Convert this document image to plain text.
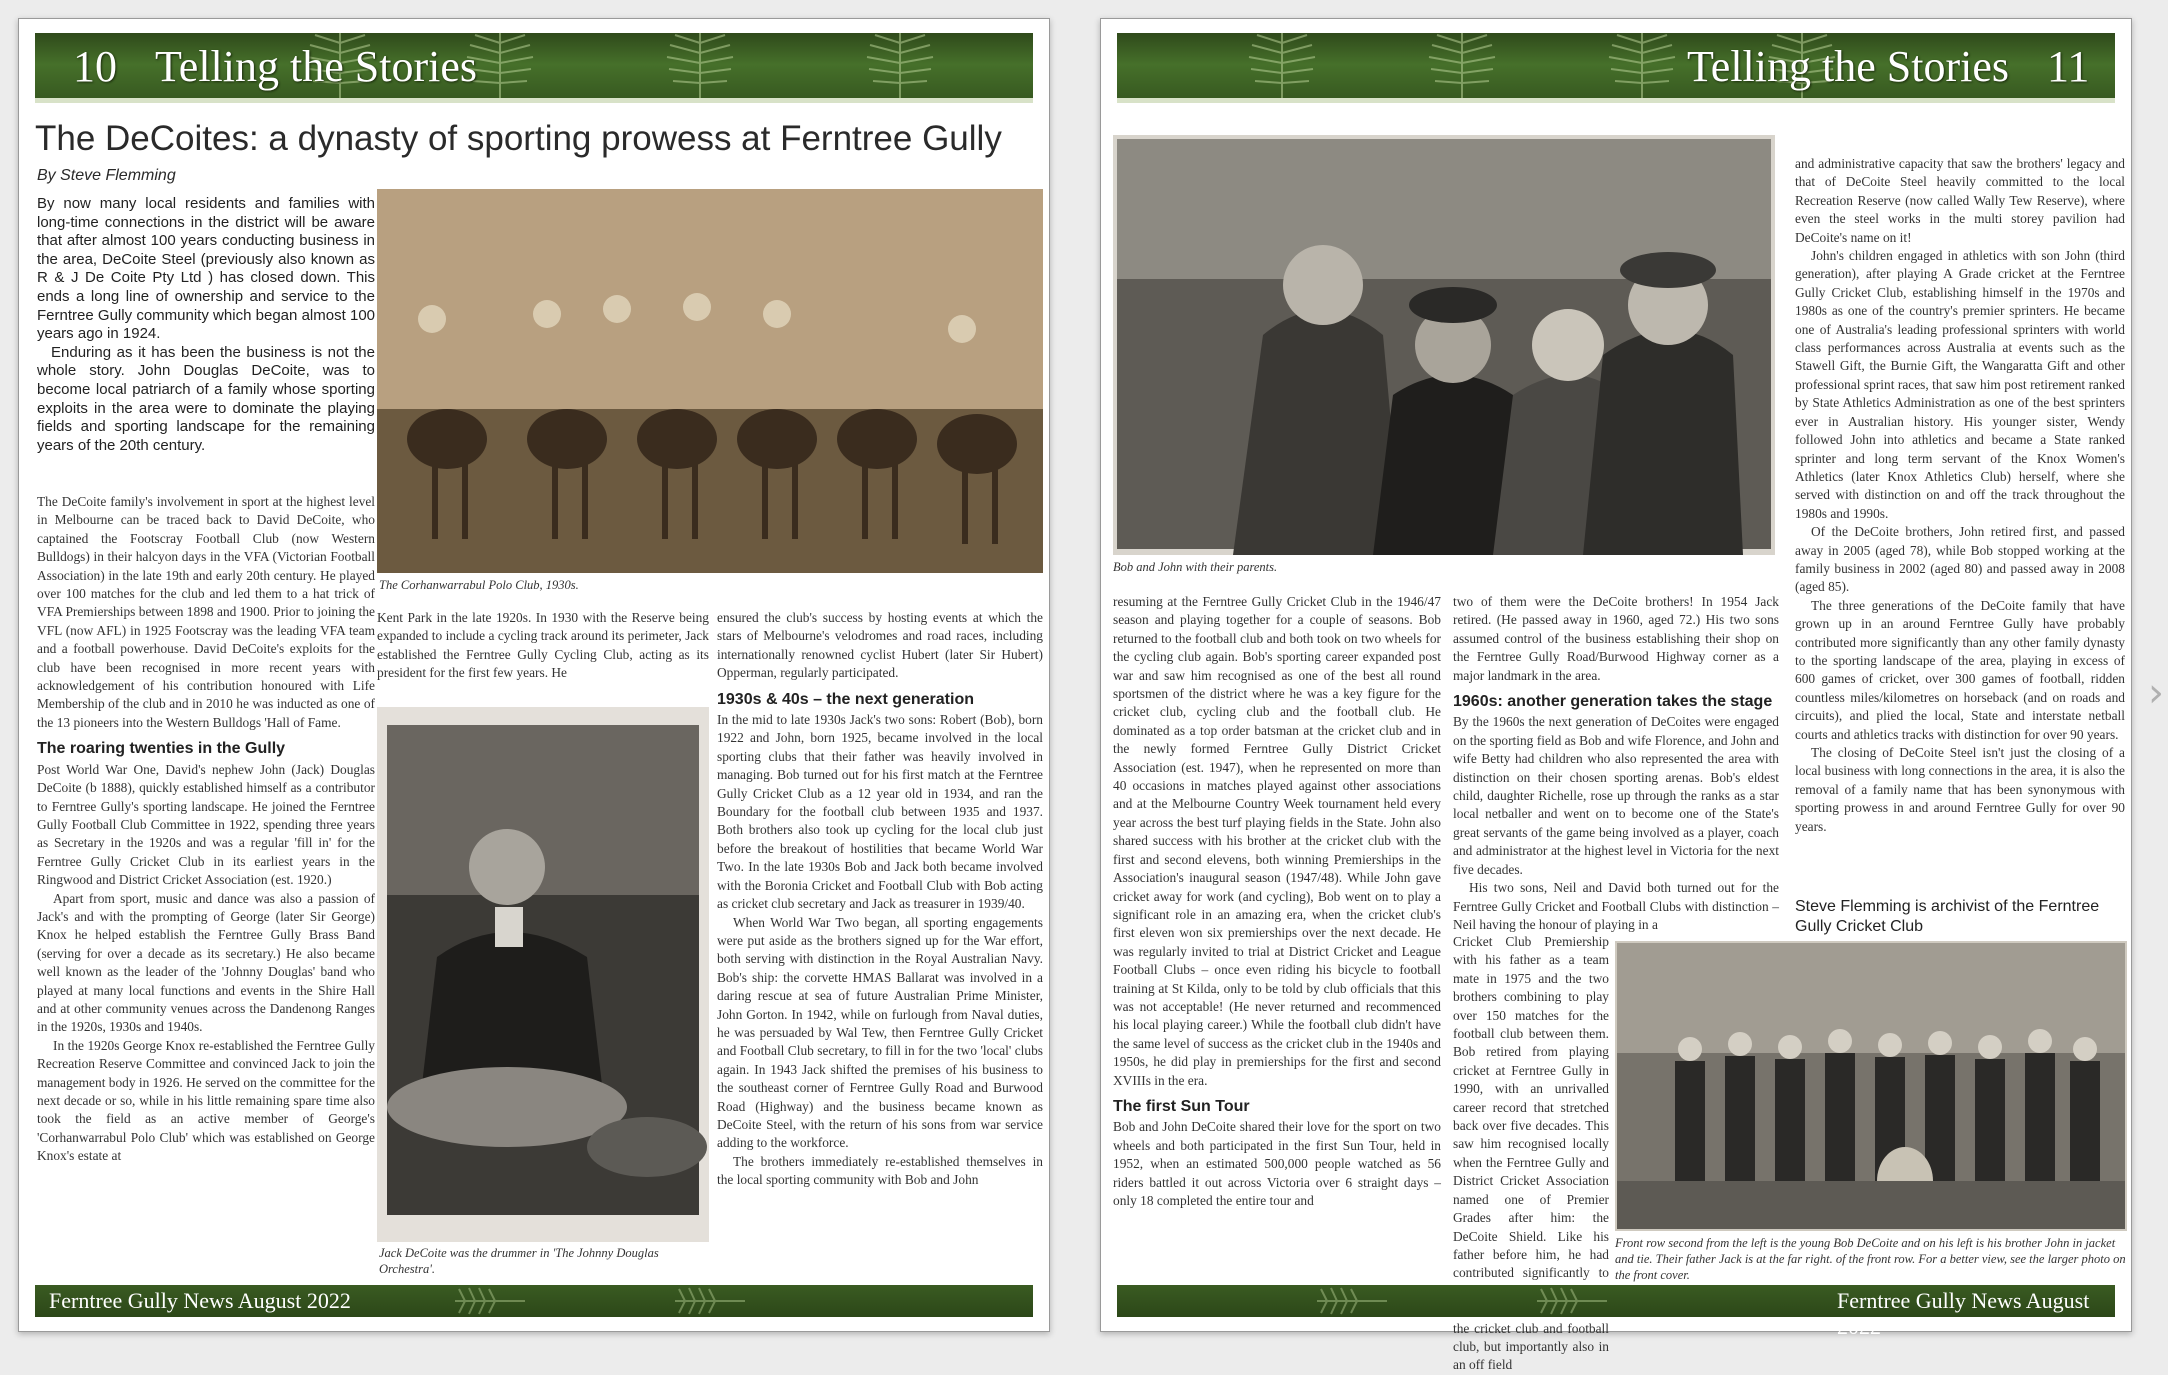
10 Telling the Stories
The DeCoites: a dynasty of sporting prowess at Ferntree Gully
By Steve Flemming

By now many local residents and families with long-time connections in the district will be aware that after almost 100 years conducting business in the area, DeCoite Steel (previously also known as R & J De Coite Pty Ltd ) has closed down. This ends a long line of ownership and service to the Ferntree Gully community which began almost 100 years ago in 1924.

Enduring as it has been the business is not the whole story. John Douglas DeCoite, was to become local patriarch of a family whose sporting exploits in the area were to dominate the playing fields and sporting landscape for the remaining years of the 20th century.

The Corhanwarrabul Polo Club, 1930s.

The DeCoite family's involvement in sport at the highest level in Melbourne can be traced back to David DeCoite, who captained the Footscray Football Club (now Western Bulldogs) in their halcyon days in the VFA (Victorian Football Association) in the late 19th and early 20th century. He played over 100 matches for the club and led them to a hat trick of VFA Premierships between 1898 and 1900. Prior to joining the VFL (now AFL) in 1925 Footscray was the leading VFA team and a football powerhouse. David DeCoite's exploits for the club have been recognised in more recent years with acknowledgement of his contribution honoured with Life Membership of the club and in 2010 he was inducted as one of the 13 pioneers into the Western Bulldogs 'Hall of Fame.

The roaring twenties in the Gully

Post World War One, David's nephew John (Jack) Douglas DeCoite (b 1888), quickly established himself as a contributor to Ferntree Gully's sporting landscape. He joined the Ferntree Gully Football Club Committee in 1922, spending three years as Secretary in the 1920s and was a regular 'fill in' for the Ferntree Gully Cricket Club in its earliest years in the Ringwood and District Cricket Association (est. 1920.)

Apart from sport, music and dance was also a passion of Jack's and with the prompting of George (later Sir George) Knox he helped establish the Ferntree Gully Brass Band (serving for over a decade as its secretary.) He also became well known as the leader of the 'Johnny Douglas' band who played at many local functions and events in the Shire Hall and at other community venues across the Dandenong Ranges in the 1920s, 1930s and 1940s.

In the 1920s George Knox re-established the Ferntree Gully Recreation Reserve Committee and convinced Jack to join the management body in 1926. He served on the committee for the next decade or so, while in his little remaining spare time also took the field as an active member of George's 'Corhanwarrabul Polo Club' which was established on George Knox's estate at

Kent Park in the late 1920s. In 1930 with the Reserve being expanded to include a cycling track around its perimeter, Jack established the Ferntree Gully Cycling Club, acting as its president for the first few years. He

Jack DeCoite was the drummer in 'The Johnny Douglas Orchestra'.

ensured the club's success by hosting events at which the stars of Melbourne's velodromes and road races, including internationally renowned cyclist Hubert (later Sir Hubert) Opperman, regularly participated.

1930s & 40s – the next generation

In the mid to late 1930s Jack's two sons: Robert (Bob), born 1922 and John, born 1925, became involved in the local sporting clubs that their father was heavily involved in managing. Bob turned out for his first match at the Ferntree Gully Cricket Club as a 12 year old in 1934, and ran the Boundary for the football club between 1935 and 1937. Both brothers also took up cycling for the local club just before the breakout of hostilities that became World War Two. In the late 1930s Bob and Jack both became involved with the Boronia Cricket and Football Club with Bob acting as cricket club secretary and Jack as treasurer in 1939/40.

When World War Two began, all sporting engagements were put aside as the brothers signed up for the War effort, both serving with distinction in the Royal Australian Navy. Bob's ship: the corvette HMAS Ballarat was involved in a daring rescue at sea of future Australian Prime Minister, John Gorton. In 1942, while on furlough from Naval duties, he was persuaded by Wal Tew, then Ferntree Gully Cricket and Football Club secretary, to fill in for the two 'local' clubs again. In 1943 Jack shifted the premises of his business to the southeast corner of Ferntree Gully Road and Burwood Road (Highway) and the business became known as DeCoite Steel, with the return of his sons from war service adding to the workforce.

The brothers immediately re-established themselves in the local sporting community with Bob and John

Ferntree Gully News August 2022
Telling the Stories 11
Bob and John with their parents.

resuming at the Ferntree Gully Cricket Club in the 1946/47 season and playing together for a couple of seasons. Bob returned to the football club and both took on two wheels for the cycling club again. Bob's sporting career expanded post war and saw him recognised as one of the best all round sportsmen of the district where he was a key figure for the cricket club, cycling club and the football club. He dominated as a top order batsman at the cricket club and in the newly formed Ferntree Gully District Cricket Association (est. 1947), when he represented on more than 40 occasions in matches played against other associations and at the Melbourne Country Week tournament held every year across the best turf playing fields in the State. John also shared success with his brother at the cricket club with the first and second elevens, both winning Premierships in the Association's inaugural season (1947/48). While John gave cricket away for work (and cycling), Bob went on to play a significant role in an amazing era, when the cricket club's first eleven won six premierships over the next decade. He was regularly invited to trial at District Cricket and League Football Clubs – once even riding his bicycle to football training at St Kilda, only to be told by club officials that this was not acceptable! (He never returned and recommenced his local playing career.) While the football club didn't have the same level of success as the cricket club in the 1940s and 1950s, he did play in premierships for the first and second XVIIIs in the era.

The first Sun Tour

Bob and John DeCoite shared their love for the sport on two wheels and both participated in the first Sun Tour, held in 1952, when an estimated 500,000 people watched as 56 riders battled it out across Victoria over 6 straight days – only 18 completed the entire tour and

two of them were the DeCoite brothers! In 1954 Jack retired. (He passed away in 1960, aged 72.) His two sons assumed control of the business establishing their shop on the Ferntree Gully Road/Burwood Highway corner as a major landmark in the area.

1960s: another generation takes the stage

By the 1960s the next generation of DeCoites were engaged on the sporting field as Bob and wife Florence, and John and wife Betty had children who also represented the area with distinction on their chosen sporting arenas. Bob's eldest child, daughter Richelle, rose up through the ranks as a star local netballer and went on to become one of the State's great servants of the game being involved as a player, coach and administrator at the highest level in Victoria for the next five decades.

His two sons, Neil and David both turned out for the Ferntree Gully Cricket and Football Clubs with distinction – Neil having the honour of playing in a

Cricket Club Premiership with his father as a team mate in 1975 and the two brothers combining to play over 150 matches for the football club between them. Bob retired from playing cricket at Ferntree Gully in 1990, with an unrivalled career record that stretched back over five decades. This saw him recognised locally when the Ferntree Gully and District Cricket Association named one of Premier Grades after him: the DeCoite Shield. Like his father before him, he had contributed significantly to the cricket club and football club, but importantly also in an off field

and administrative capacity that saw the brothers' legacy and that of DeCoite Steel heavily committed to the local Recreation Reserve (now called Wally Tew Reserve), where even the steel works in the multi storey pavilion had DeCoite's name on it!

John's children engaged in athletics with son John (third generation), after playing A Grade cricket at the Ferntree Gully Cricket Club, establishing himself in the 1970s and 1980s as one of the country's premier sprinters. He became one of Australia's leading professional sprinters with world class performances across Australia at events such as the Stawell Gift, the Burnie Gift, the Wangaratta Gift and other professional sprint races, that saw him post retirement ranked by State Athletics Administration as one of the best sprinters ever in Australian history. His younger sister, Wendy followed John into athletics and became a State ranked sprinter and long term servant of the Knox Women's Athletics (later Knox Athletics Club) herself, where she served with distinction on and off the track throughout the 1980s and 1990s.

Of the DeCoite brothers, John retired first, and passed away in 2005 (aged 78), while Bob stopped working at the family business in 2002 (aged 80) and passed away in 2008 (aged 85).

The three generations of the DeCoite family that have grown up in an around Ferntree Gully have probably contributed more significantly than any other family dynasty to the sporting landscape of the area, playing in excess of 600 games of cricket, over 300 games of football, ridden countless miles/kilometres on horseback (and on roads and circuits), and plied the local, State and interstate netball courts and athletics tracks with distinction for over 90 years.

The closing of DeCoite Steel isn't just the closing of a local business with long connections in the area, it is also the removal of a family name that has been synonymous with sporting prowess in and around Ferntree Gully for over 90 years.

Steve Flemming is archivist of the Ferntree Gully Cricket Club
Front row second from the left is the young Bob DeCoite and on his left is his brother John in jacket and tie. Their father Jack is at the far right. of the front row. For a better view, see the larger photo on the front cover.
Ferntree Gully News August 2022
›
